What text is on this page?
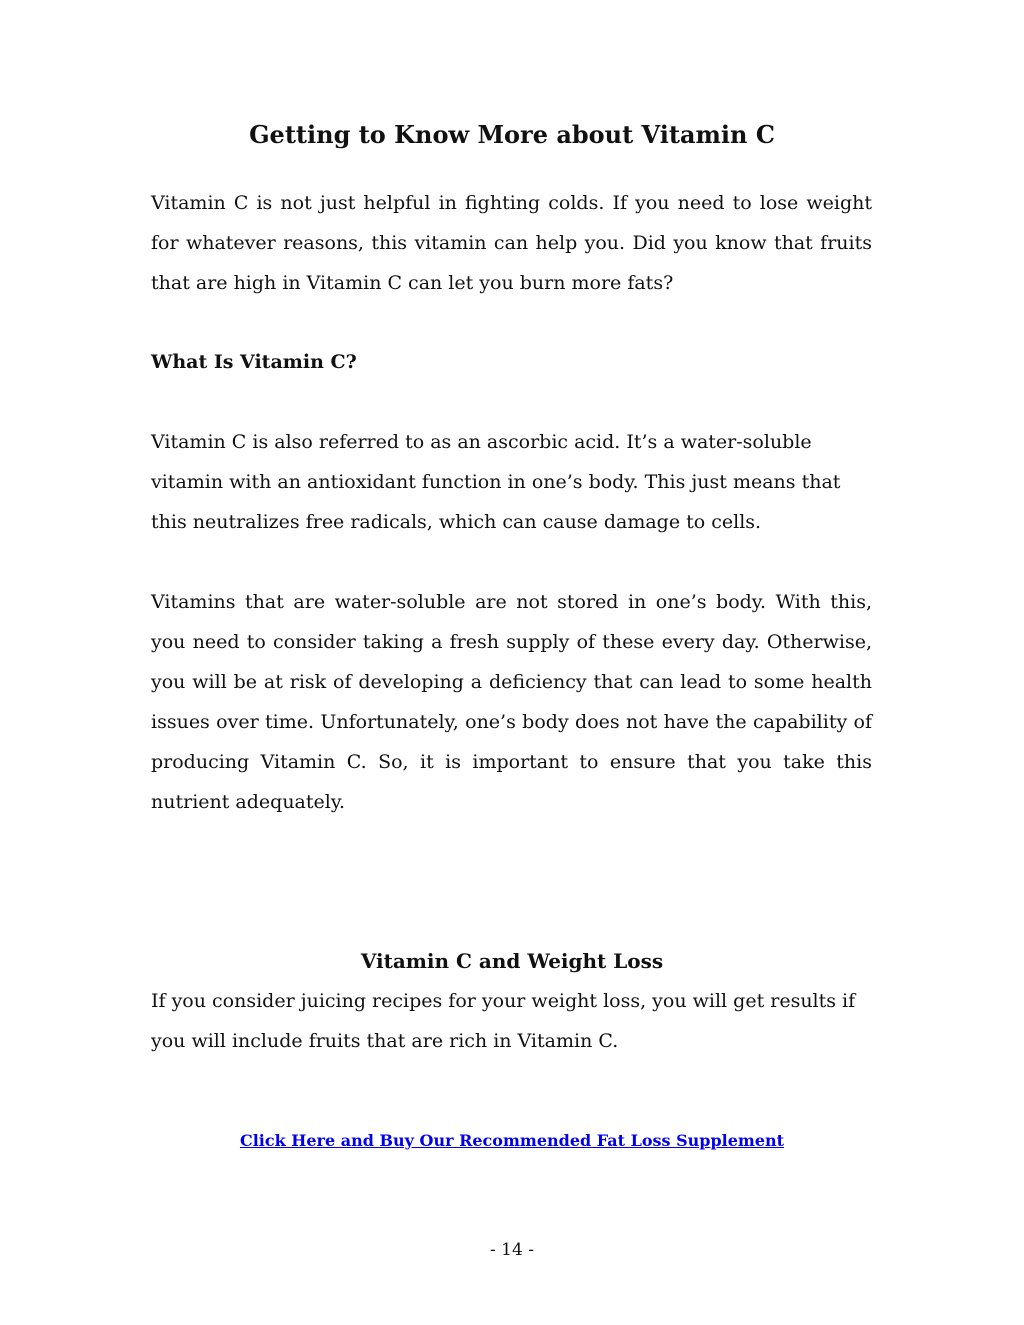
Getting to Know More about Vitamin C

Vitamin C is not just helpful in fighting colds. If you need to lose weight for whatever reasons, this vitamin can help you. Did you know that fruits that are high in Vitamin C can let you burn more fats?

What Is Vitamin C?

Vitamin C is also referred to as an ascorbic acid. It’s a water-soluble vitamin with an antioxidant function in one’s body. This just means that this neutralizes free radicals, which can cause damage to cells.

Vitamins that are water-soluble are not stored in one’s body. With this, you need to consider taking a fresh supply of these every day. Otherwise, you will be at risk of developing a deficiency that can lead to some health issues over time. Unfortunately, one’s body does not have the capability of producing Vitamin C. So, it is important to ensure that you take this nutrient adequately.

Vitamin C and Weight Loss

If you consider juicing recipes for your weight loss, you will get results if you will include fruits that are rich in Vitamin C.

Click Here and Buy Our Recommended Fat Loss Supplement

- 14 -
